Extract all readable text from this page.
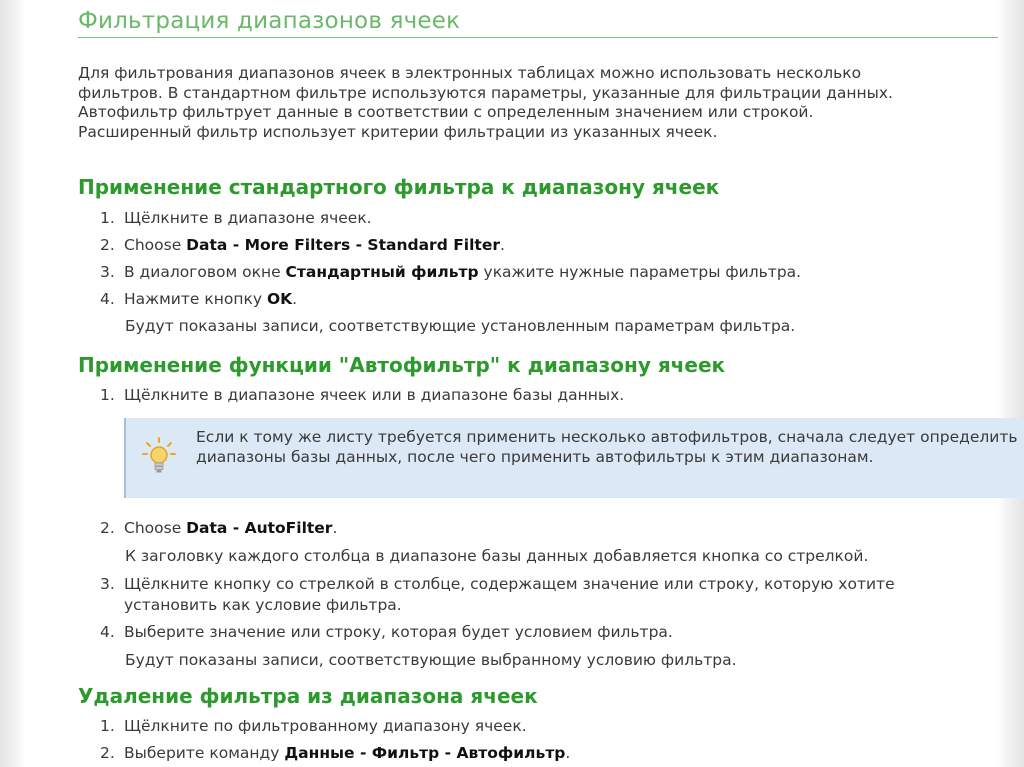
Фильтрация диапазонов ячеек

Для фильтрования диапазонов ячеек в электронных таблицах можно использовать несколько фильтров. В стандартном фильтре используются параметры, указанные для фильтрации данных. Автофильтр фильтрует данные в соответствии с определенным значением или строкой. Расширенный фильтр использует критерии фильтрации из указанных ячеек.

Применение стандартного фильтра к диапазону ячеек
1. Щёлкните в диапазоне ячеек.
2. Choose Data - More Filters - Standard Filter.
3. В диалоговом окне Стандартный фильтр укажите нужные параметры фильтра.
4. Нажмите кнопку OK.
Будут показаны записи, соответствующие установленным параметрам фильтра.
Применение функции "Автофильтр" к диапазону ячеек
1. Щёлкните в диапазоне ячеек или в диапазоне базы данных.
2. Choose Data - AutoFilter.
К заголовку каждого столбца в диапазоне базы данных добавляется кнопка со стрелкой.
3. Щёлкните кнопку со стрелкой в столбце, содержащем значение или строку, которую хотите установить как условие фильтра.
4. Выберите значение или строку, которая будет условием фильтра.
Будут показаны записи, соответствующие выбранному условию фильтра.
Удаление фильтра из диапазона ячеек
1. Щёлкните по фильтрованному диапазону ячеек.
2. Выберите команду Данные - Фильтр - Автофильтр.

Если к тому же листу требуется применить несколько автофильтров, сначала следует определить диапазоны базы данных, после чего применить автофильтры к этим диапазонам.
